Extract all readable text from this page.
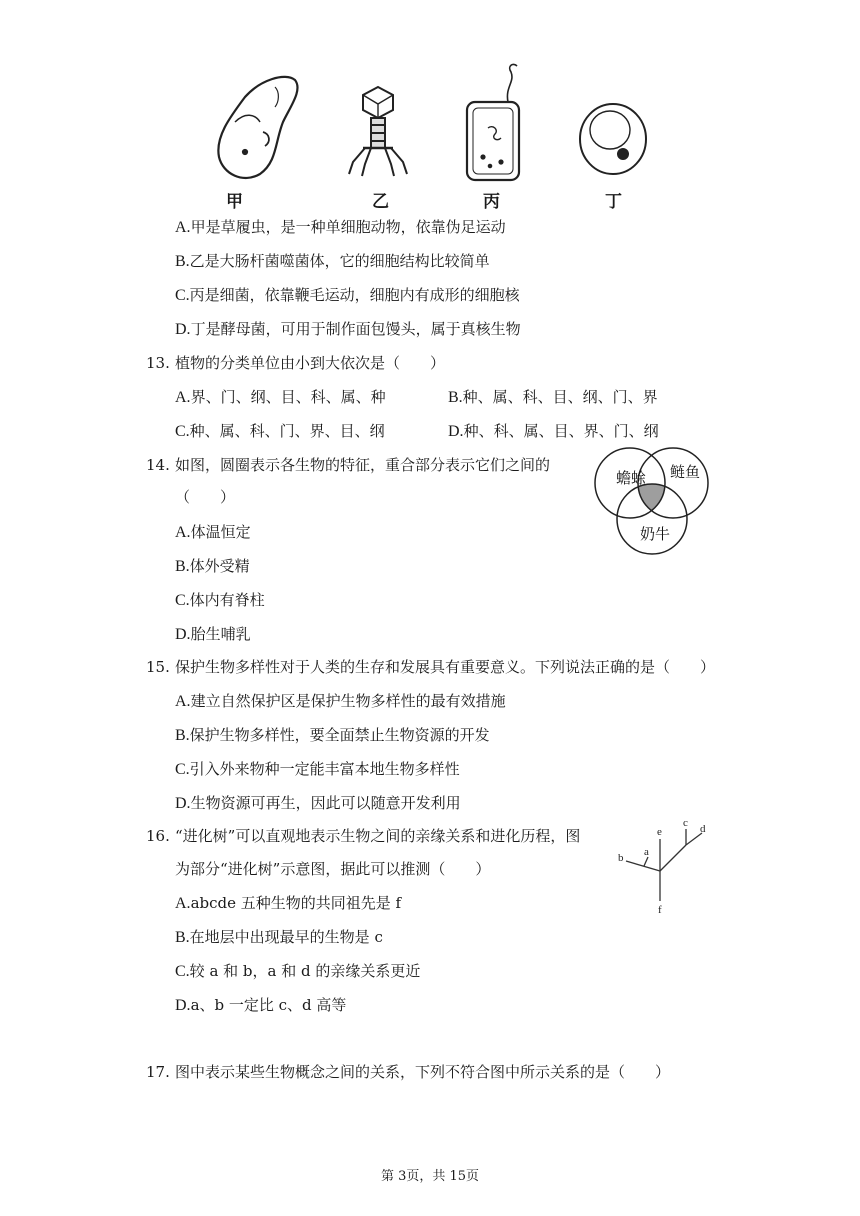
甲	乙	丙	丁
A.甲是草履虫，是一种单细胞动物，依靠伪足运动
B.乙是大肠杆菌噬菌体，它的细胞结构比较简单
C.丙是细菌，依靠鞭毛运动，细胞内有成形的细胞核
D.丁是酵母菌，可用于制作面包馒头，属于真核生物
13. 植物的分类单位由小到大依次是（　　）
A.界、门、纲、目、科、属、种	B.种、属、科、目、纲、门、界
C.种、属、科、门、界、目、纲	D.种、科、属、目、界、门、纲
14. 如图，圆圈表示各生物的特征，重合部分表示它们之间的
（　　）
蟾蜍 鲢鱼
奶牛
A.体温恒定
B.体外受精
C.体内有脊柱
D.胎生哺乳
15. 保护生物多样性对于人类的生存和发展具有重要意义。下列说法正确的是（　　）
A.建立自然保护区是保护生物多样性的最有效措施
B.保护生物多样性，要全面禁止生物资源的开发
C.引入外来物种一定能丰富本地生物多样性
D.生物资源可再生，因此可以随意开发利用
16. “进化树”可以直观地表示生物之间的亲缘关系和进化历程，图
为部分“进化树”示意图，据此可以推测（　　）
a
b
c d
e
f
A.abcde 五种生物的共同祖先是 f
B.在地层中出现最早的生物是 c
C.较 a 和 b，a 和 d 的亲缘关系更近
D.a、b 一定比 c、d 高等
17. 图中表示某些生物概念之间的关系，下列不符合图中所示关系的是（　　）
第 3页，共 15页
